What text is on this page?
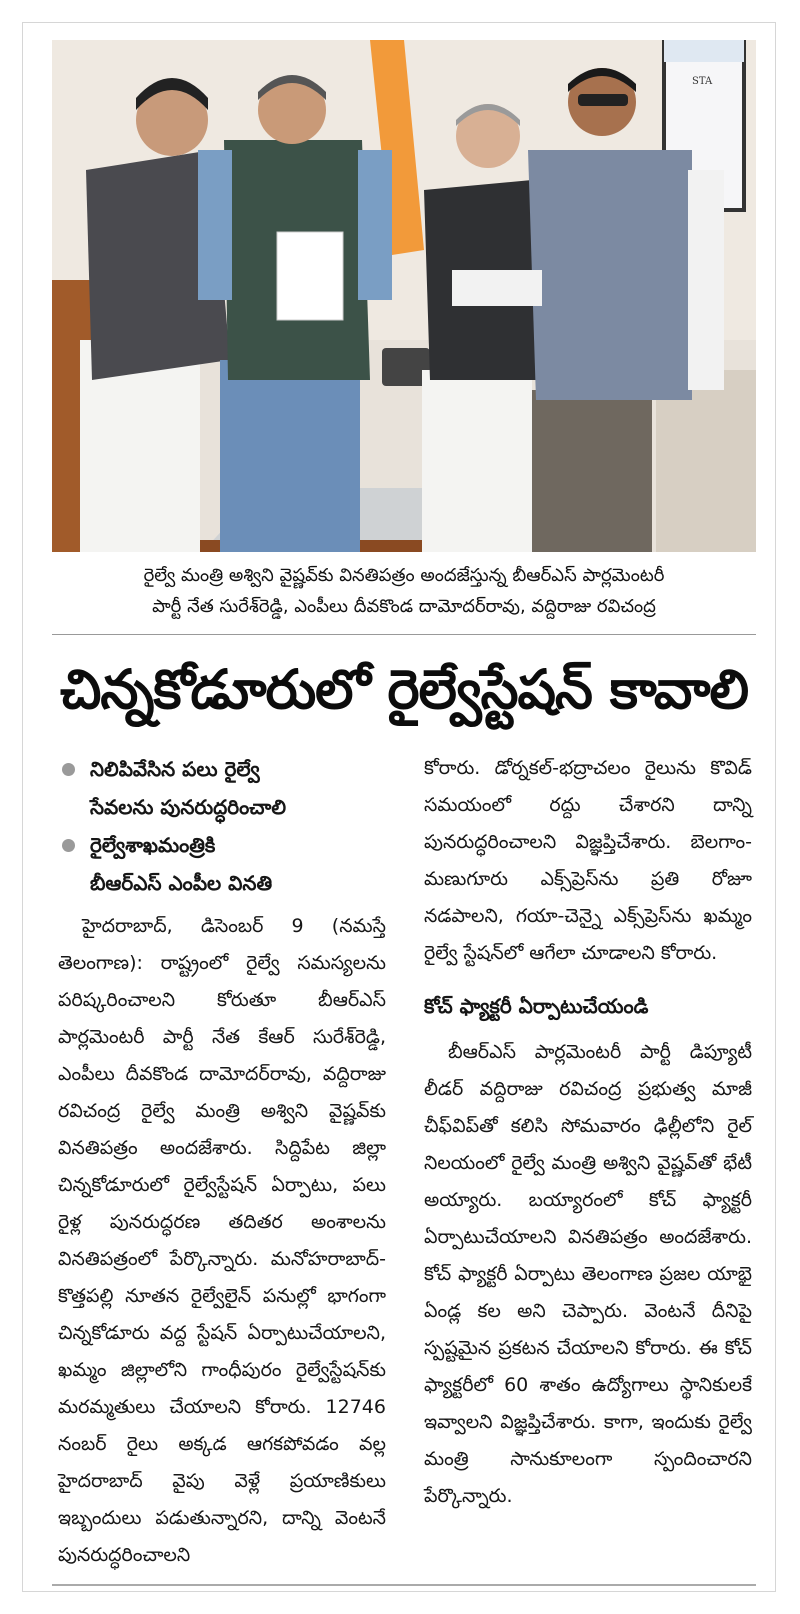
STA
రైల్వే మంత్రి అశ్విని వైష్ణవ్‌కు వినతిపత్రం అందజేస్తున్న బీఆర్‌ఎస్ పార్లమెంటరీ
పార్టీ నేత సురేశ్‌రెడ్డి, ఎంపీలు దీవకొండ దామోదర్‌రావు, వద్దిరాజు రవిచంద్ర
చిన్నకోడూరులో రైల్వేస్టేషన్ కావాలి
నిలిపివేసిన పలు రైల్వే
సేవలను పునరుద్ధరించాలి
రైల్వేశాఖమంత్రికి
బీఆర్‌ఎస్ ఎంపీల వినతి

హైదరాబాద్, డిసెంబర్ 9 (నమస్తే తెలంగాణ): రాష్ట్రంలో రైల్వే సమస్యలను పరిష్కరించాలని కోరుతూ బీఆర్‌ఎస్ పార్లమెంటరీ పార్టీ నేత కేఆర్ సురేశ్‌రెడ్డి, ఎంపీలు దీవకొండ దామోదర్‌రావు, వద్దిరాజు రవిచంద్ర రైల్వే మంత్రి అశ్విని వైష్ణవ్‌కు వినతిపత్రం అందజేశారు. సిద్దిపేట జిల్లా చిన్నకోడూరులో రైల్వేస్టేషన్ ఏర్పాటు, పలు రైళ్ల పునరుద్ధరణ తదితర అంశాలను వినతిపత్రంలో పేర్కొన్నారు. మనోహరాబాద్-కొత్తపల్లి నూతన రైల్వేలైన్ పనుల్లో భాగంగా చిన్నకోడూరు వద్ద స్టేషన్ ఏర్పాటుచేయాలని, ఖమ్మం జిల్లాలోని గాంధీపురం రైల్వేస్టేషన్‌కు మరమ్మతులు చేయాలని కోరారు. 12746 నంబర్ రైలు అక్కడ ఆగకపోవడం వల్ల హైదరాబాద్ వైపు వెళ్లే ప్రయాణికులు ఇబ్బందులు పడుతున్నారని, దాన్ని వెంటనే పునరుద్ధరించాలని

కోరారు. డోర్నకల్-భద్రాచలం రైలును కొవిడ్ సమయంలో రద్దు చేశారని దాన్ని పునరుద్ధరించాలని విజ్ఞప్తిచేశారు. బెలగాం-మణుగూరు ఎక్స్‌ప్రెస్‌ను ప్రతి రోజూ నడపాలని, గయా-చెన్నై ఎక్స్‌ప్రెస్‌ను ఖమ్మం రైల్వే స్టేషన్‌లో ఆగేలా చూడాలని కోరారు.

కోచ్ ఫ్యాక్టరీ ఏర్పాటుచేయండి

బీఆర్‌ఎస్ పార్లమెంటరీ పార్టీ డిప్యూటీ లీడర్ వద్దిరాజు రవిచంద్ర ప్రభుత్వ మాజీ చీఫ్‌విప్‌తో కలిసి సోమవారం ఢిల్లీలోని రైల్ నిలయంలో రైల్వే మంత్రి అశ్విని వైష్ణవ్‌తో భేటీ అయ్యారు. బయ్యారంలో కోచ్ ఫ్యాక్టరీ ఏర్పాటుచేయాలని వినతిపత్రం అందజేశారు. కోచ్ ఫ్యాక్టరీ ఏర్పాటు తెలంగాణ ప్రజల యాభై ఏండ్ల కల అని చెప్పారు. వెంటనే దీనిపై స్పష్టమైన ప్రకటన చేయాలని కోరారు. ఈ కోచ్ ఫ్యాక్టరీలో 60 శాతం ఉద్యోగాలు స్థానికులకే ఇవ్వాలని విజ్ఞప్తిచేశారు. కాగా, ఇందుకు రైల్వే మంత్రి సానుకూలంగా స్పందించారని పేర్కొన్నారు.
